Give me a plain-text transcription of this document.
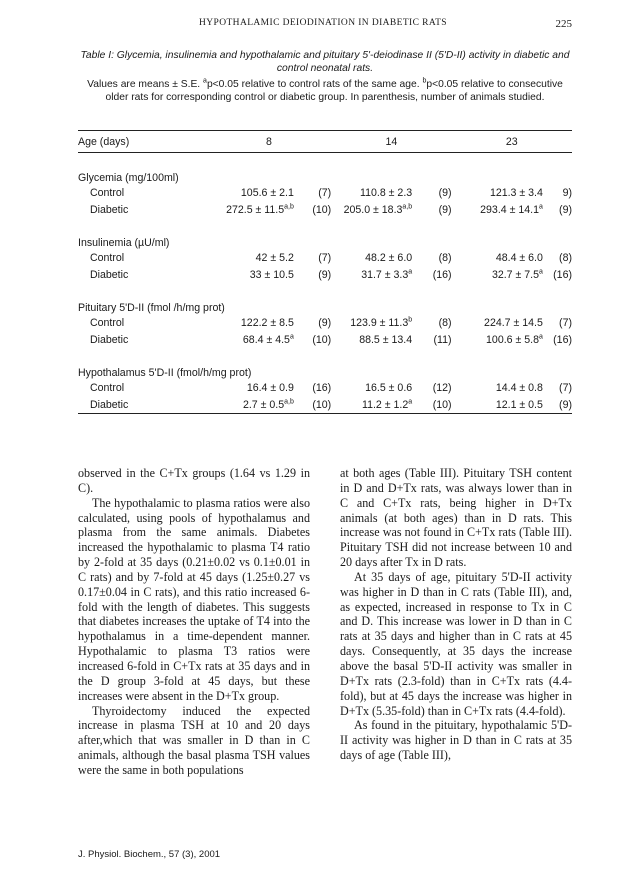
HYPOTHALAMIC DEIODINATION IN DIABETIC RATS	225

Table I: Glycemia, insulinemia and hypothalamic and pituitary 5'-deiodinase II (5'D-II) activity in diabetic and control neonatal rats.

Values are means ± S.E. $^a$p<0.05 relative to control rats of the same age. $^b$p<0.05 relative to consecutive older rats for corresponding control or diabetic group. In parenthesis, number of animals studied.

Age (days)	8		14		23	
Glycemia (mg/100ml)						
Control	105.6 ± 2.1	(7)	110.8 ± 2.3	(9)	121.3 ± 3.4	9)
Diabetic	$272.5 \pm 11.5^{a,b}$	(10)	$205.0 \pm 18.3^{a,b}$	(9)	293.4 ± 14.1$^a$	(9)
Insulinemia (µU/ml)						
Control	42 ± 5.2	(7)	48.2 ± 6.0	(8)	48.4 ± 6.0	(8)
Diabetic	33 ± 10.5	(9)	31.7 ± 3.3$^a$	(16)	32.7 ± 7.5$^a$	(16)
Pituitary 5'D-II (fmol /h/mg prot)						
Control	122.2 ± 8.5	(9)	123.9 ± 11.3$^b$	(8)	224.7 ± 14.5	(7)
Diabetic	68.4 ± 4.5$^a$	(10)	88.5 ± 13.4	(11)	100.6 ± 5.8$^a$	(16)
Hypothalamus 5'D-II (fmol/h/mg prot)						
Control	16.4 ± 0.9	(16)	16.5 ± 0.6	(12)	14.4 ± 0.8	(7)
Diabetic	$2.7 \pm 0.5^{a,b}$	(10)	11.2 ± 1.2$^a$	(10)	12.1 ± 0.5	(9)

observed in the C+Tx groups (1.64 vs 1.29 in C).

The hypothalamic to plasma ratios were also calculated, using pools of hypothalamus and plasma from the same animals. Diabetes increased the hypothalamic to plasma T4 ratio by 2-fold at 35 days (0.21±0.02 vs 0.1±0.01 in C rats) and by 7-fold at 45 days (1.25±0.27 vs 0.17±0.04 in C rats), and this ratio increased 6-fold with the length of diabetes. This suggests that diabetes increases the uptake of T4 into the hypothalamus in a time-dependent manner. Hypothalamic to plasma T3 ratios were increased 6-fold in C+Tx rats at 35 days and in the D group 3-fold at 45 days, but these increases were absent in the D+Tx group.

Thyroidectomy induced the expected increase in plasma TSH at 10 and 20 days after,which that was smaller in D than in C animals, although the basal plasma TSH values were the same in both populations

at both ages (Table III). Pituitary TSH content in D and D+Tx rats, was always lower than in C and C+Tx rats, being higher in D+Tx animals (at both ages) than in D rats. This increase was not found in C+Tx rats (Table III). Pituitary TSH did not increase between 10 and 20 days after Tx in D rats.

At 35 days of age, pituitary 5'D-II activity was higher in D than in C rats (Table III), and, as expected, increased in response to Tx in C and D. This increase was lower in D than in C rats at 35 days and higher than in C rats at 45 days. Consequently, at 35 days the increase above the basal 5'D-II activity was smaller in D+Tx rats (2.3-fold) than in C+Tx rats (4.4-fold), but at 45 days the increase was higher in D+Tx (5.35-fold) than in C+Tx rats (4.4-fold).

As found in the pituitary, hypothalamic 5'D-II activity was higher in D than in C rats at 35 days of age (Table III),

J. Physiol. Biochem., 57 (3), 2001
